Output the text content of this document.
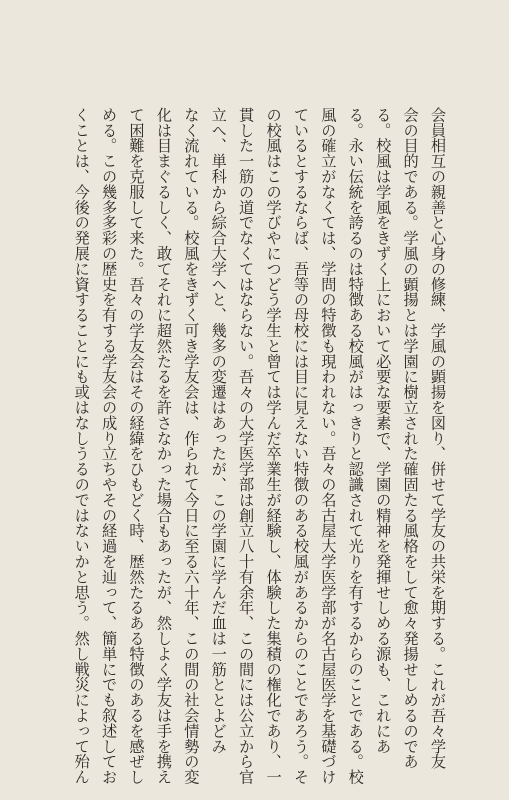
会員相互の親善と心身の修練、学風の顕揚を図り、併せて学友の共栄を期する。これが吾々学友
会の目的である。学風の顕揚とは学園に樹立された確固たる風格をして愈々発揚せしめるのであ
る。校風は学風をきずく上において必要な要素で、学園の精神を発揮せしめる源も、これにあ
る。永い伝統を誇るのは特徴ある校風がはっきりと認識されて光りを有するからのことである。校
風の確立がなくては、学問の特徴も現われない。吾々の名古屋大学医学部が名古屋医学を基礎づけ
ているとするならば、吾等の母校には目に見えない特徴のある校風があるからのことであろう。そ
の校風はこの学びやにつどう学生と曾ては学んだ卒業生が経験し、体験した集積の権化であり、一
貫した一筋の道でなくてはならない。吾々の大学医学部は創立八十有余年、この間には公立から官
立へ、単科から綜合大学へと、幾多の変遷はあったが、この学園に学んだ血は一筋ととよどみ
なく流れている。校風をきずく可き学友会は、作られて今日に至る六十年、この間の社会情勢の変
化は目まぐるしく、敢てそれに超然たるを許さなかった場合もあったが、然しよく学友は手を携え
て困難を克服して来た。吾々の学友会はその経緯をひもどく時、歴然たるある特徴のあるを感ぜし
める。この幾多多彩の歴史を有する学友会の成り立ちやその経過を辿って、簡単にでも叙述してお
くことは、今後の発展に資することにも或はなしうるのではないかと思う。然し戦災によって殆ん
